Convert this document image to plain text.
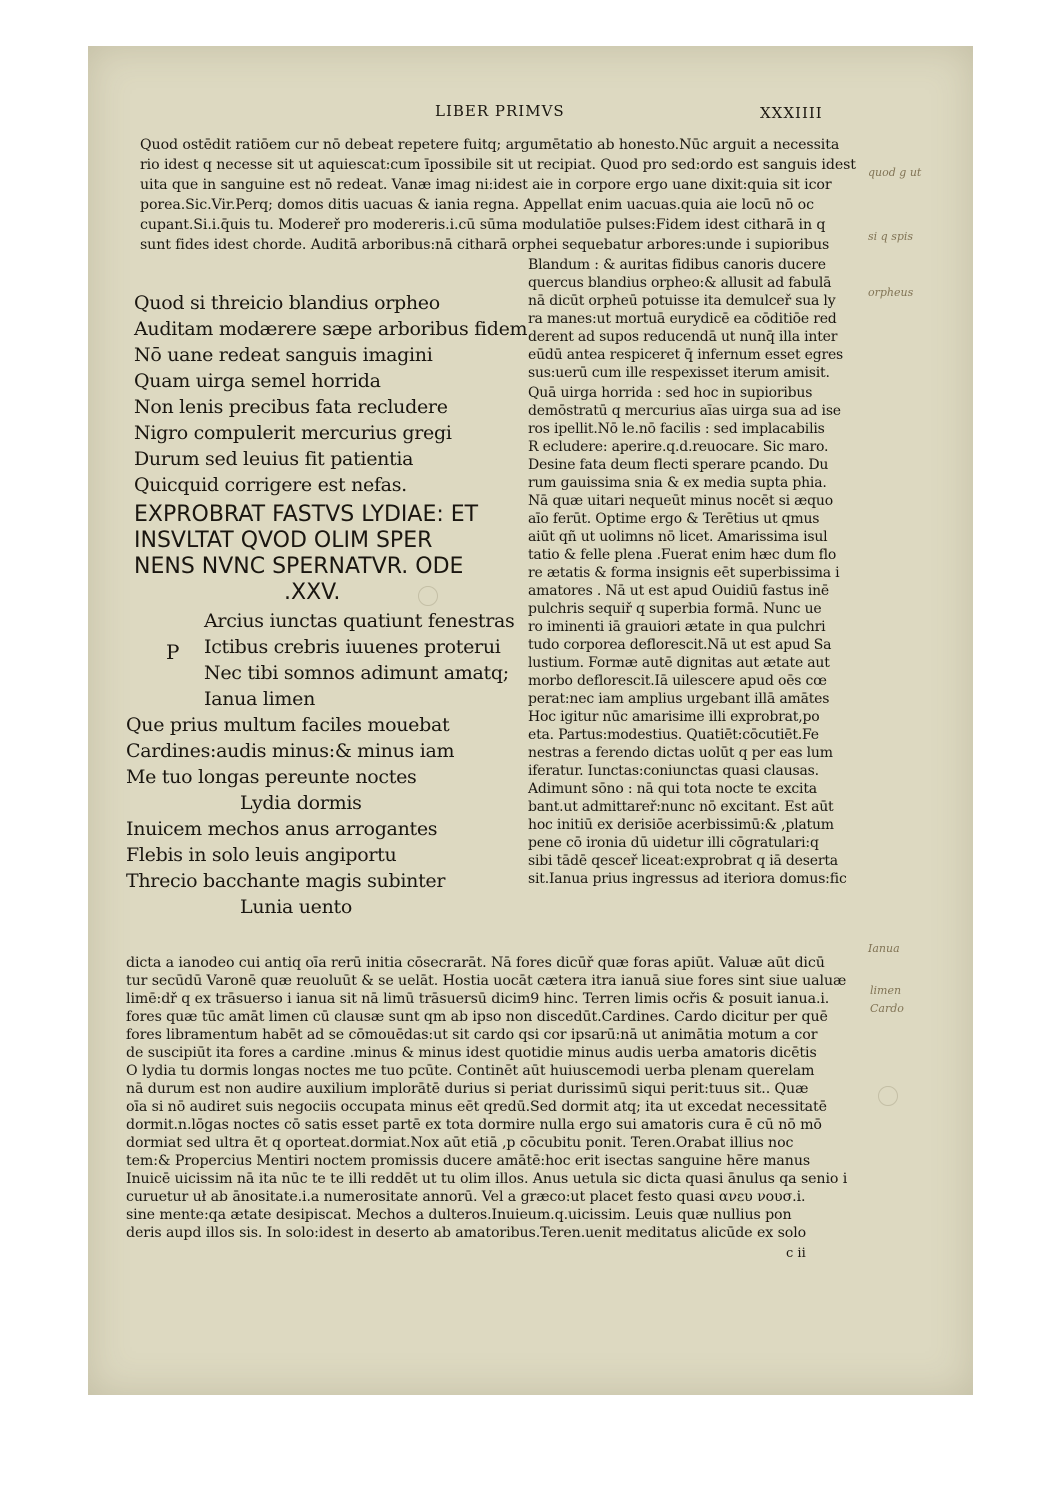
LIBER PRIMVS	XXXIIII
Quod ostēdit ratiōem cur nō debeat repetere fuitq; argumētatio ab honesto.Nūc arguit a necessita
rio idest q necesse sit ut aquiescat:cum īpossibile sit ut recipiat. Quod pro sed:ordo est sanguis idest
uita que in sanguine est nō redeat. Vanæ imag ni:idest aie in corpore ergo uane dixit:quia sit icor
porea.Sic.Vir.Perq; domos ditis uacuas & iania regna. Appellat enim uacuas.quia aie locū nō oc
cupant.Si.i.q̄uis tu. Modereř pro modereris.i.cū sūma modulatiōe pulses:Fidem idest citharā in q
sunt fides idest chorde. Auditā arboribus:nā citharā orphei sequebatur arbores:unde i supioribus
Blandum : & auritas fidibus canoris ducere
quercus blandius orpheo:& allusit ad fabulā
nā dicūt orpheū potuisse ita demulceř sua ly
ra manes:ut mortuā eurydicē ea cōditiōe red
derent ad supos reducendā ut nunq̄ illa inter
eūdū antea respiceret q̄ infernum esset egres
sus:uerū cum ille respexisset iterum amisit.
Quā uirga horrida : sed hoc in supioribus
demōstratū q mercurius aīas uirga sua ad ise
ros ipellit.Nō le.nō facilis : sed implacabilis
R ecludere: aperire.q.d.reuocare. Sic maro.
Desine fata deum flecti sperare pcando. Du
rum gauissima snia & ex media supta phia.
Nā quæ uitari nequeūt minus nocēt si æquo
aīo ferūt. Optime ergo & Terētius ut qmus
aiūt qñ ut uolimns nō licet. Amarissima isul
tatio & felle plena .Fuerat enim hæc dum flo
re ætatis & forma insignis eēt superbissima i
amatores . Nā ut est apud Ouidiū fastus inē
pulchris sequiř q superbia formā. Nunc ue
ro iminenti iā grauiori ætate in qua pulchri
tudo corporea deflorescit.Nā ut est apud Sa
lustium. Formæ autē dignitas aut ætate aut
morbo deflorescit.Iā uilescere apud oēs cœ
perat:nec iam amplius urgebant illā amātes
Hoc igitur nūc amarisime illi exprobrat,po
eta. Partus:modestius. Quatiēt:cōcutiēt.Fe
nestras a ferendo dictas uolūt q per eas lum
iferatur. Iunctas:coniunctas quasi clausas.
Adimunt sōno : nā qui tota nocte te excita
bant.ut admittareř:nunc nō excitant. Est aūt
hoc initiū ex derisiōe acerbissimū:& ,platum
pene cō ironia dū uidetur illi cōgratulari:q
sibi tādē qesceř liceat:exprobrat q iā deserta
sit.Ianua prius ingressus ad iteriora domus:fic
Quod si threicio blandius orpheo
Auditam modærere sæpe arboribus fidem
Nō uane redeat sanguis imagini
Quam uirga semel horrida
Non lenis precibus fata recludere
Nigro compulerit mercurius gregi
Durum sed leuius fit patientia
Quicquid corrigere est nefas.
EXPROBRAT FASTVS LYDIAE: ET
INSVLTAT QVOD OLIM SPER
NENS NVNC SPERNATVR. ODE
.XXV.
P
Arcius iunctas quatiunt fenestras
Ictibus crebris iuuenes proterui
Nec tibi somnos adimunt amatq;
Ianua limen
Que prius multum faciles mouebat
Cardines:audis minus:& minus iam
Me tuo longas pereunte noctes
Lydia dormis
Inuicem mechos anus arrogantes
Flebis in solo leuis angiportu
Threcio bacchante magis subinter
Lunia uento
dicta a ianodeo cui antiq oīa rerū initia cōsecrarāt. Nā fores dicūř quæ foras apiūt. Valuæ aūt dicū
tur secūdū Varonē quæ reuoluūt & se uelāt. Hostia uocāt cætera itra ianuā siue fores sint siue ualuæ
limē:dř q ex trāsuerso i ianua sit nā limū trāsuersū dicim9 hinc. Terren limis ocřis & posuit ianua.i.
fores quæ tūc amāt limen cū clausæ sunt qm ab ipso non discedūt.Cardines. Cardo dicitur per quē
fores libramentum habēt ad se cōmouēdas:ut sit cardo qsi cor ipsarū:nā ut animātia motum a cor
de suscipiūt ita fores a cardine .minus & minus idest quotidie minus audis uerba amatoris dicētis
O lydia tu dormis longas noctes me tuo pcūte. Continēt aūt huiuscemodi uerba plenam querelam
nā durum est non audire auxilium implorātē durius si periat durissimū siqui perit:tuus sit.. Quæ
oīa si nō audiret suis negociis occupata minus eēt qredū.Sed dormit atq; ita ut excedat necessitatē
dormit.n.lōgas noctes cō satis esset partē ex tota dormire nulla ergo sui amatoris cura ē cū nō mō
dormiat sed ultra ēt q oporteat.dormiat.Nox aūt etiā ,p cōcubitu ponit. Teren.Orabat illius noc
tem:& Propercius Mentiri noctem promissis ducere amātē:hoc erit isectas sanguine hēre manus
Inuicē uicissim nā ita nūc te te illi reddēt ut tu olim illos. Anus uetula sic dicta quasi ānulus qa senio i
curuetur uł ab ānositate.i.a numerositate annorū. Vel a græco:ut placet festo quasi ανευ νουσ.i.
sine mente:qa ætate desipiscat. Mechos a dulteros.Inuieum.q.uicissim. Leuis quæ nullius pon
deris aupd illos sis. In solo:idest in deserto ab amatoribus.Teren.uenit meditatus alicūde ex solo
c ii
quod g ut
si q spis
orpheus
Ianua
limen
Cardo
